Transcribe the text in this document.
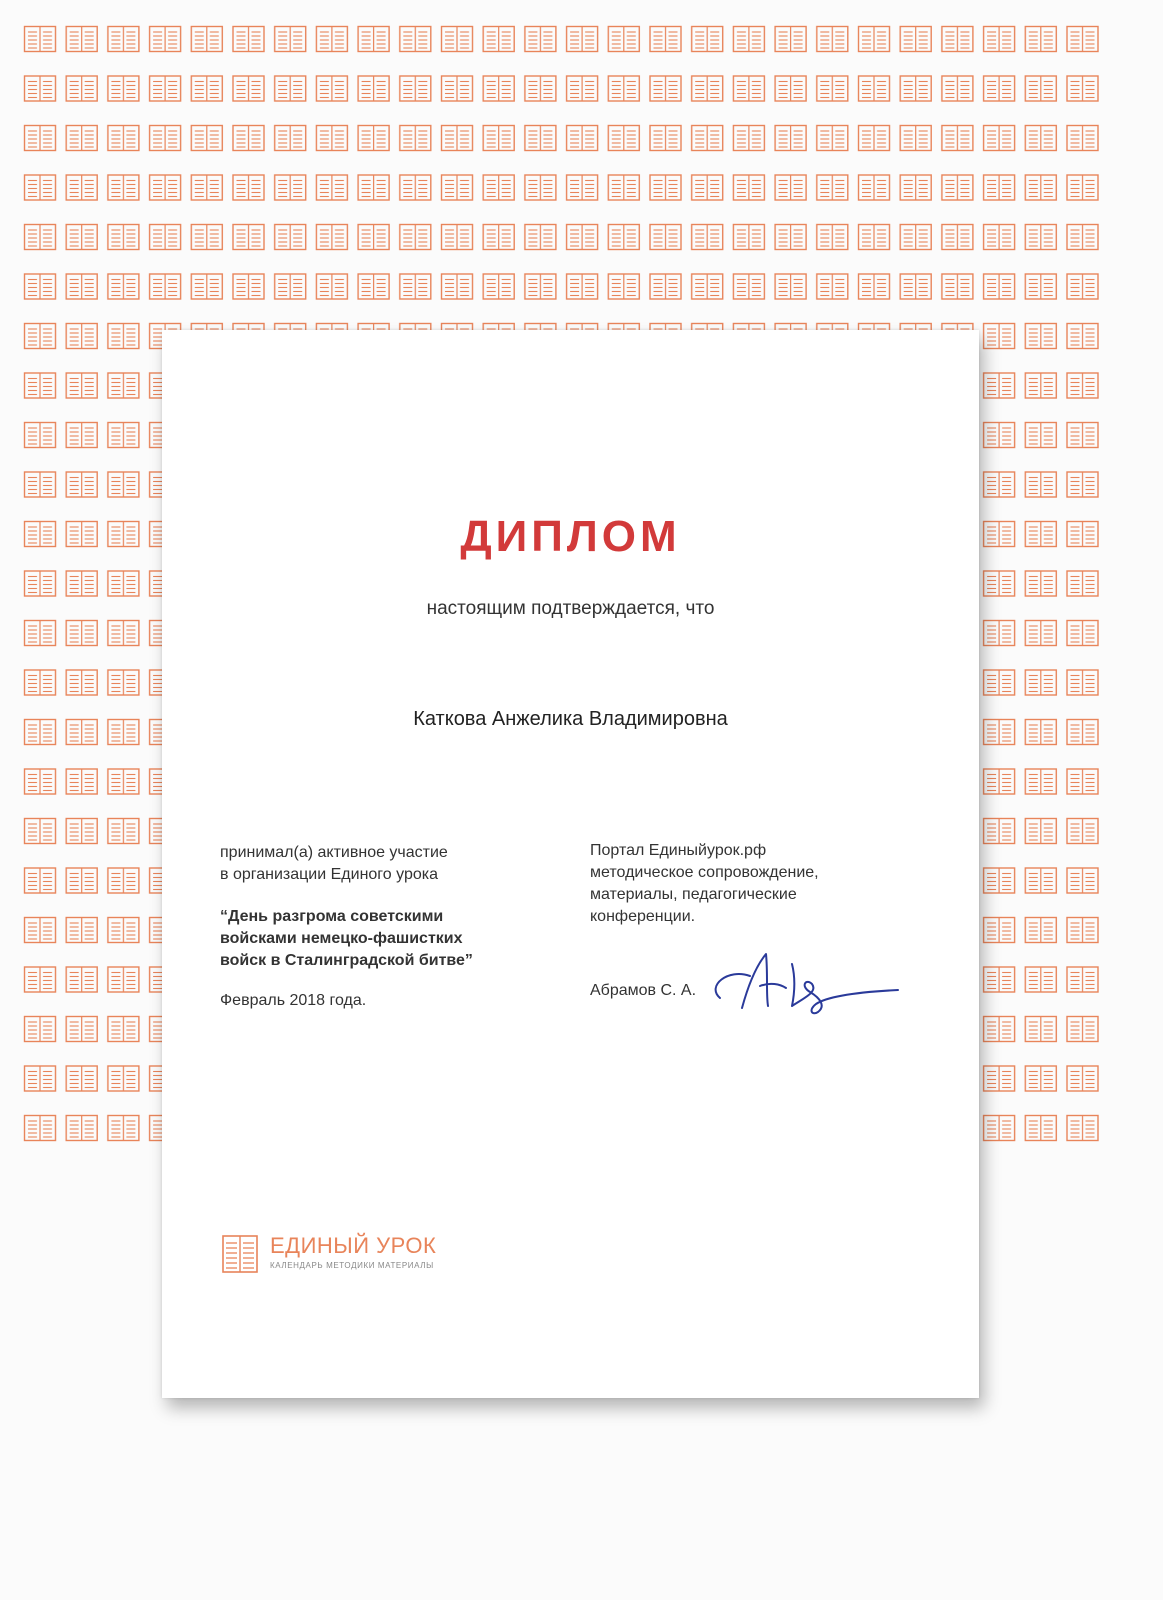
ДИПЛОМ
настоящим подтверждается, что
Каткова Анжелика Владимировна
принимал(а) активное участие
в организации Единого урока
“День разгрома советскими
войсками немецко-фашистких
войск в Сталинградской битве”
Февраль 2018 года.
Портал Единыйурок.рф
методическое сопровождение,
материалы, педагогические
конференции.
Абрамов С. А.
ЕДИНЫЙ УРОК
КАЛЕНДАРЬ МЕТОДИКИ МАТЕРИАЛЫ
